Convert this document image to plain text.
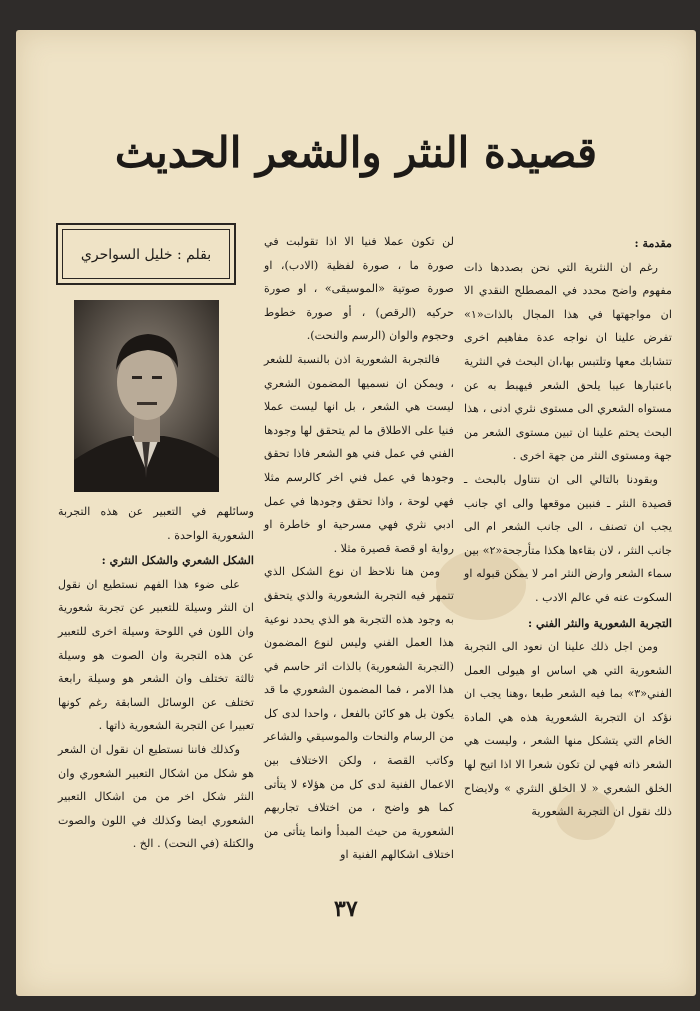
قصيدة النثر والشعر الحديث

مقدمة :

رغم ان النثرية التي نحن بصددها ذات مفهوم واضح محدد في المصطلح النقدي الا ان مواجهتها في هذا المجال بالذات«١» تفرض علينا ان نواجه عدة مفاهيم اخرى تتشابك معها وتلتبس بها،ان البحث في النثرية باعتبارها عيبا يلحق الشعر فيهبط به عن مستواه الشعري الى مستوى نثري ادنى ، هذا البحث يحتم علينا ان تبين مستوى الشعر من جهة ومستوى النثر من جهة اخرى .

وبقودنا بالتالي الى ان نتناول بالبحث ـ قصيدة النثر ـ فنبين موقعها والى اي جانب يجب ان تصنف ، الى جانب الشعر ام الى جانب النثر ، لان بقاءها هكذا متأرجحة«٢» بين سماء الشعر وارض النثر امر لا يمكن قبوله او السكوت عنه في عالم الادب .

التجربة الشعورية والنثر الفني :

ومن اجل ذلك علينا ان نعود الى التجربة الشعورية التي هي اساس او هيولى العمل الفني«٣» بما فيه الشعر طبعا ،وهنا يجب ان نؤكد ان التجربة الشعورية هذه هي المادة الخام التي يتشكل منها الشعر ، وليست هي الشعر ذاته فهي لن تكون شعرا الا اذا اتيح لها الخلق الشعري « لا الخلق النثري » ولايضاح ذلك نقول ان التجربة الشعورية

لن تكون عملا فنيا الا اذا تقولبت في صورة ما ، صورة لفظية (الادب)، او صورة صوتية «الموسيقى» ، او صورة حركيه (الرقص) ، أو صورة خطوط وحجوم والوان (الرسم والنحت).

فالتجربة الشعورية اذن بالنسبة للشعر ، ويمكن ان نسميها المضمون الشعري ليست هي الشعر ، بل انها ليست عملا فنيا على الاطلاق ما لم يتحقق لها وجودها الفني في عمل فني هو الشعر فاذا تحقق وجودها في عمل فني اخر كالرسم مثلا فهي لوحة ، واذا تحقق وجودها في عمل ادبي نثري فهي مسرحية او خاطرة او رواية او قصة قصيرة مثلا .

ومن هنا نلاحظ ان نوع الشكل الذي تتمهر فيه التجربة الشعورية والذي يتحقق به وجود هذه التجربة هو الذي يحدد نوعية هذا العمل الفني وليس لنوع المضمون (التجربة الشعورية) بالذات اثر حاسم في هذا الامر ، فما المضمون الشعوري ما قد يكون بل هو كائن بالفعل ، واحدا لدى كل من الرسام والنحات والموسيقي والشاعر وكاتب القصة ، ولكن الاختلاف بين الاعمال الفنية لدى كل من هؤلاء لا يتأتى كما هو واضح ، من اختلاف تجاربهم الشعورية من حيث المبدأ وانما يتأتى من اختلاف اشكالهم الفنية او

بقلم : خليل السواحري

وسائلهم في التعبير عن هذه التجربة الشعورية الواحدة .

الشكل الشعري والشكل النثري :

على ضوء هذا الفهم نستطيع ان نقول ان النثر وسيلة للتعبير عن تجربة شعورية وان اللون في اللوحة وسيلة اخرى للتعبير عن هذه التجربة وان الصوت هو وسيلة ثالثة تختلف وان الشعر هو وسيلة رابعة تختلف عن الوسائل السابقة رغم كونها تعبيرا عن التجربة الشعورية ذاتها .

وكذلك فاننا نستطيع ان نقول ان الشعر هو شكل من اشكال التعبير الشعوري وان النثر شكل اخر من من اشكال التعبير الشعوري ايضا وكذلك في اللون والصوت والكتلة (في النحت) . الخ .

٣٧
